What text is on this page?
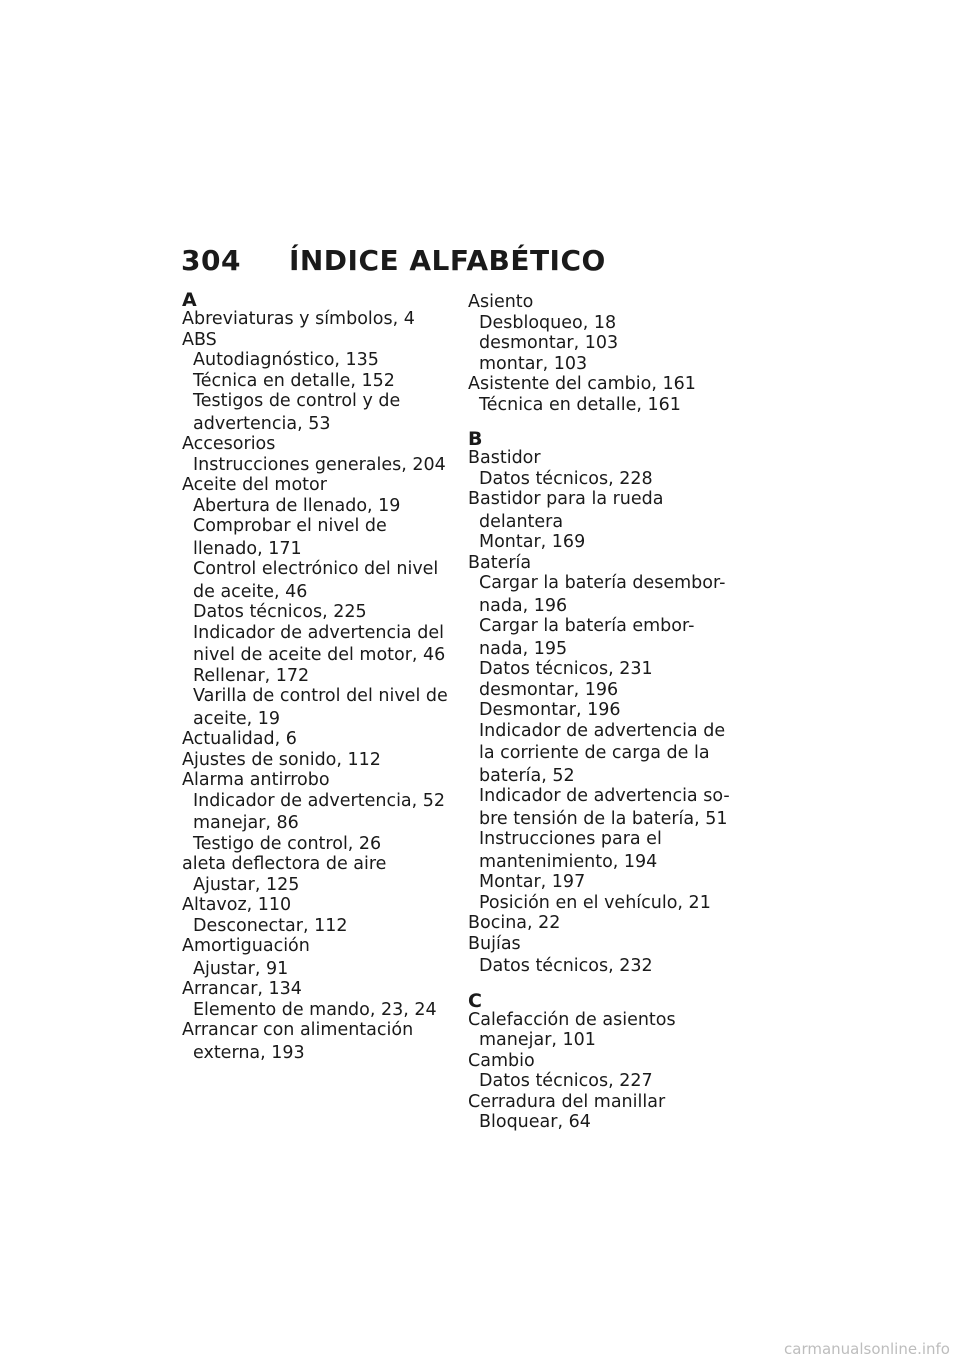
304 ÍNDICE ALFABÉTICO
A
Abreviaturas y símbolos, 4
ABS
Autodiagnóstico, 135
Técnica en detalle, 152
Testigos de control y de
advertencia, 53
Accesorios
Instrucciones generales, 204
Aceite del motor
Abertura de llenado, 19
Comprobar el nivel de
llenado, 171
Control electrónico del nivel
de aceite, 46
Datos técnicos, 225
Indicador de advertencia del
nivel de aceite del motor, 46
Rellenar, 172
Varilla de control del nivel de
aceite, 19
Actualidad, 6
Ajustes de sonido, 112
Alarma antirrobo
Indicador de advertencia, 52
manejar, 86
Testigo de control, 26
aleta deflectora de aire
Ajustar, 125
Altavoz, 110
Desconectar, 112
Amortiguación
Ajustar, 91
Arrancar, 134
Elemento de mando, 23, 24
Arrancar con alimentación
externa, 193
Asiento
Desbloqueo, 18
desmontar, 103
montar, 103
Asistente del cambio, 161
Técnica en detalle, 161
B
Bastidor
Datos técnicos, 228
Bastidor para la rueda
delantera
Montar, 169
Batería
Cargar la batería desembor-
nada, 196
Cargar la batería embor-
nada, 195
Datos técnicos, 231
desmontar, 196
Desmontar, 196
Indicador de advertencia de
la corriente de carga de la
batería, 52
Indicador de advertencia so-
bre tensión de la batería, 51
Instrucciones para el
mantenimiento, 194
Montar, 197
Posición en el vehículo, 21
Bocina, 22
Bujías
Datos técnicos, 232
C
Calefacción de asientos
manejar, 101
Cambio
Datos técnicos, 227
Cerradura del manillar
Bloquear, 64
carmanualsonline.info
